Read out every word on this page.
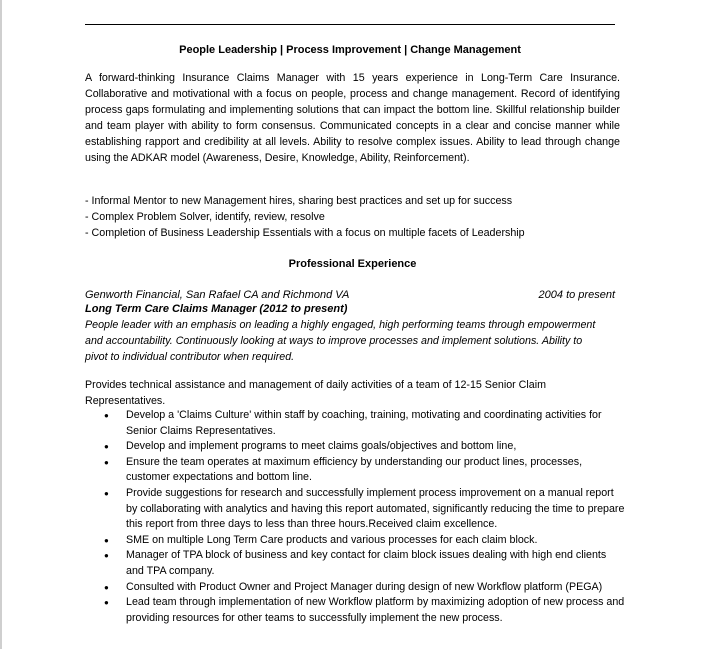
People Leadership | Process Improvement | Change Management

A forward-thinking Insurance Claims Manager with 15 years experience in Long-Term Care Insurance. Collaborative and motivational with a focus on people, process and change management. Record of identifying process gaps formulating and implementing solutions that can impact the bottom line. Skillful relationship builder and team player with ability to form consensus. Communicated concepts in a clear and concise manner while establishing rapport and credibility at all levels. Ability to resolve complex issues. Ability to lead through change using the ADKAR model (Awareness, Desire, Knowledge, Ability, Reinforcement).

- Informal Mentor to new Management hires, sharing best practices and set up for success
- Complex Problem Solver, identify, review, resolve
- Completion of Business Leadership Essentials with a focus on multiple facets of Leadership
Professional Experience
Genworth Financial, San Rafael CA and Richmond VA	2004 to present
Long Term Care Claims Manager (2012 to present)

People leader with an emphasis on leading a highly engaged, high performing teams through empowerment and accountability. Continuously looking at ways to improve processes and implement solutions. Ability to pivot to individual contributor when required.

Provides technical assistance and management of daily activities of a team of 12-15 Senior Claim Representatives.

● Develop a 'Claims Culture' within staff by coaching, training, motivating and coordinating activities for Senior Claims Representatives.
● Develop and implement programs to meet claims goals/objectives and bottom line,
● Ensure the team operates at maximum efficiency by understanding our product lines, processes, customer expectations and bottom line.
● Provide suggestions for research and successfully implement process improvement on a manual report by collaborating with analytics and having this report automated, significantly reducing the time to prepare this report from three days to less than three hours.Received claim excellence.
● SME on multiple Long Term Care products and various processes for each claim block.
● Manager of TPA block of business and key contact for claim block issues dealing with high end clients and TPA company.
● Consulted with Product Owner and Project Manager during design of new Workflow platform (PEGA)
● Lead team through implementation of new Workflow platform by maximizing adoption of new process and providing resources for other teams to successfully implement the new process.
